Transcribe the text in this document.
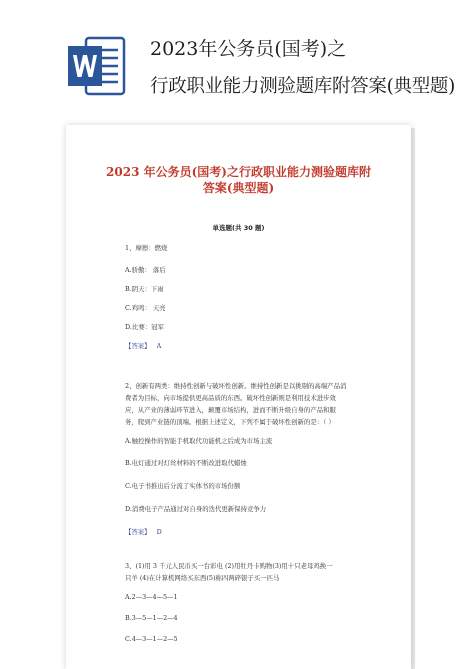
2023年公务员(国考)之
行政职业能力测验题库附答案(典型题)
2023 年公务员(国考)之行政职业能力测验题库附
答案(典型题)
单选题(共 30 题)
1、摩擦：燃烧
A.骄傲： 落后
B.阴天：下雨
C.鸡鸣： 天亮
D.比赛：冠军
【答案】 A
2、创新有两类：维持性创新与破坏性创新。维持性创新是以挑剔的高端产品消
费者为目标，向市场提供更高品质的东西。破坏性创新则是利用技术进步效
应，从产业的薄弱环节进入，颠覆市场结构，进而不断升级自身的产品和服
务，爬到产业链的顶端。根据上述定义，下列不属于破坏性创新的是：（ ）
A.触控操作的智能手机取代功能机之后成为市场主流
B.电灯通过对灯丝材料的不断改进取代蜡烛
C.电子书推出后分流了实体书的市场份额
D.消费电子产品通过对自身的迭代更新保持竞争力
【答案】 D
3、(1)用 3 千元人民币买一台彩电 (2)用牡丹卡购物(3)用十只老母鸡换一
只羊 (4)在计算机网络买东西(5)称四两碎银子买一匹马
A.2—3—4—5—1
B.3—5—1—2—4
C.4—3—1—2—5
